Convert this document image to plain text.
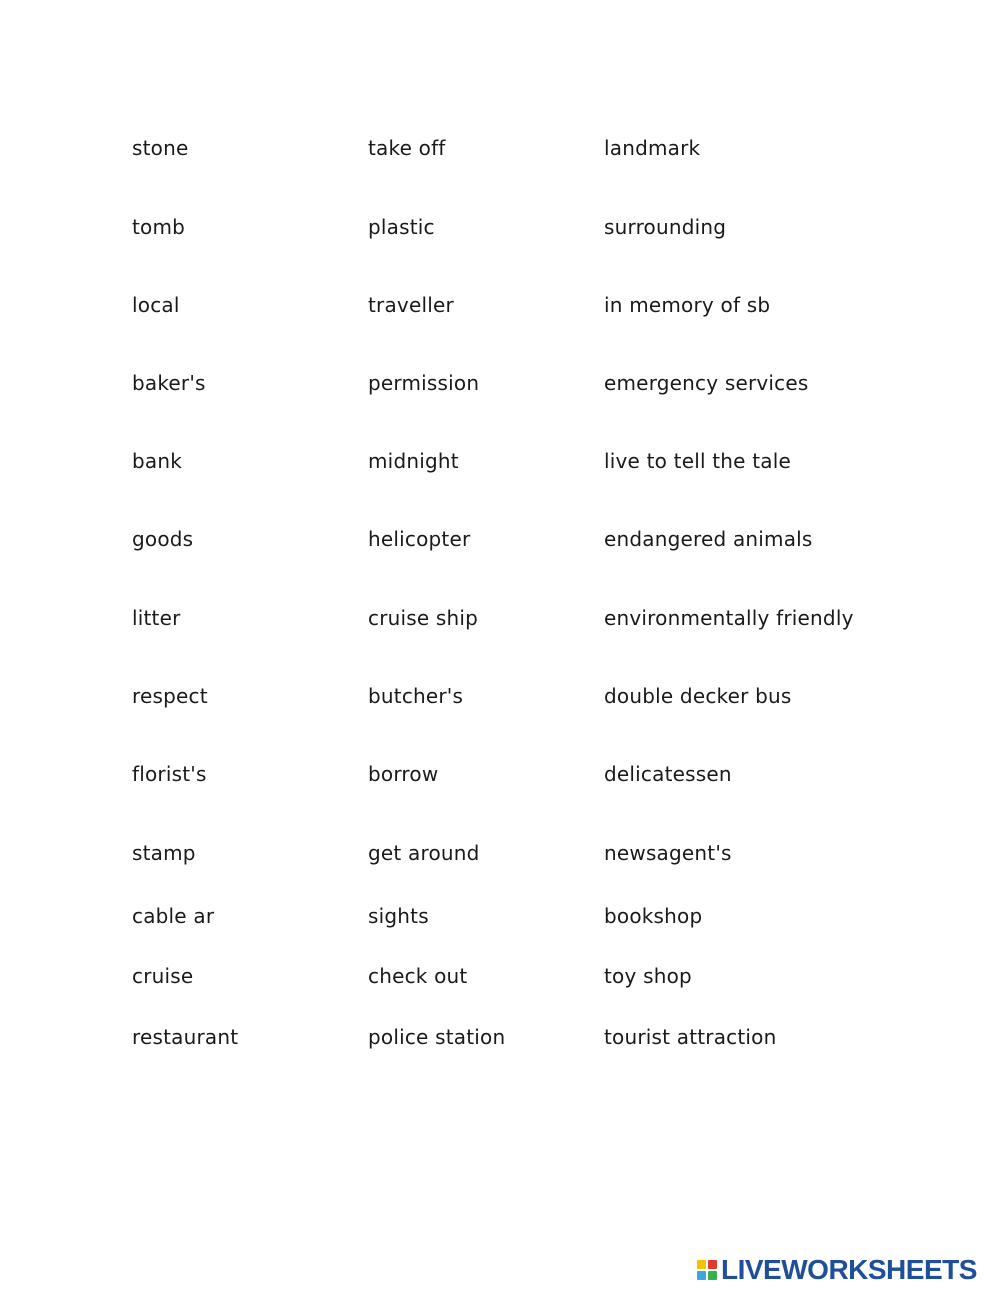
stone	take off	landmark
tomb	plastic	surrounding
local	traveller	in memory of sb
baker's	permission	emergency services
bank	midnight	live to tell the tale
goods	helicopter	endangered animals
litter	cruise ship	environmentally friendly
respect	butcher's	double decker bus
florist's	borrow	delicatessen
stamp	get around	newsagent's
cable ar	sights	bookshop
cruise	check out	toy shop
restaurant	police station	tourist attraction
LIVEWORKSHEETS
